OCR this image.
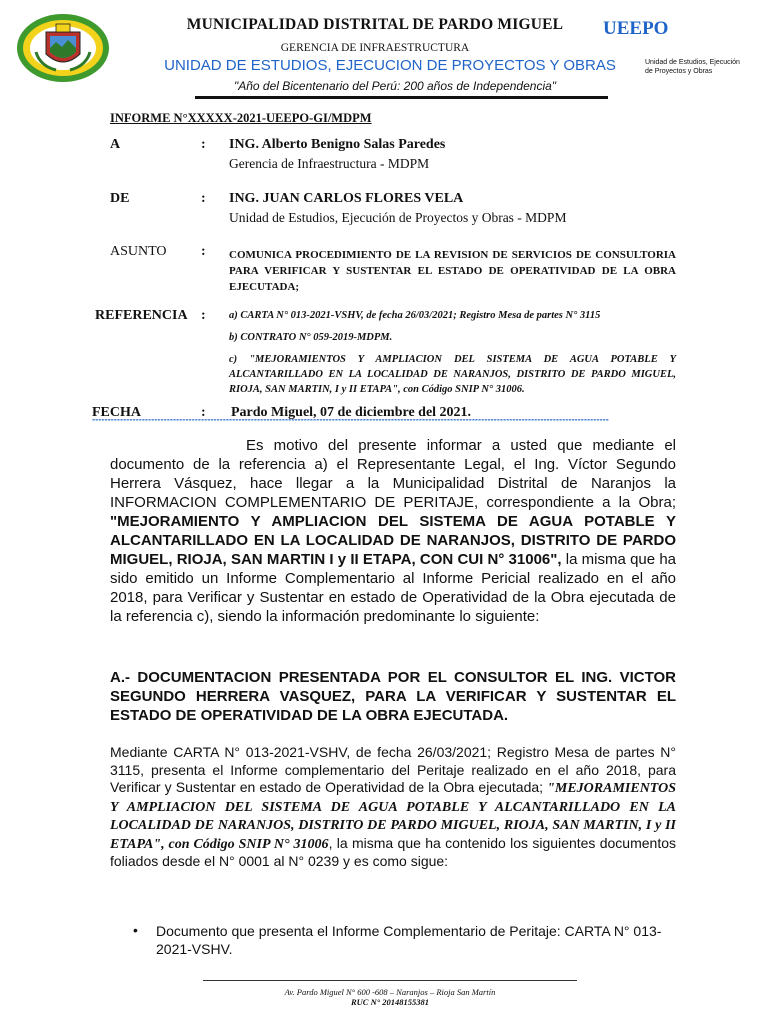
MUNICIPALIDAD DISTRITAL DE PARDO MIGUEL
GERENCIA DE INFRAESTRUCTURA
UNIDAD DE ESTUDIOS, EJECUCION DE PROYECTOS Y OBRAS
"Año del Bicentenario del Perú: 200 años de Independencia"
UEEPO
Unidad de Estudios, Ejecución de Proyectos y Obras
INFORME N°XXXXX-2021-UEEPO-GI/MDPM
A	: ING. Alberto Benigno Salas Paredes
Gerencia de Infraestructura - MDPM
DE	: ING. JUAN CARLOS FLORES VELA
Unidad de Estudios, Ejecución de Proyectos y Obras - MDPM
ASUNTO : COMUNICA PROCEDIMIENTO DE LA REVISION DE SERVICIOS DE CONSULTORIA PARA VERIFICAR Y SUSTENTAR EL ESTADO DE OPERATIVIDAD DE LA OBRA EJECUTADA;
REFERENCIA : a) CARTA N° 013-2021-VSHV, de fecha 26/03/2021; Registro Mesa de partes N° 3115
b) CONTRATO N° 059-2019-MDPM.
c) "MEJORAMIENTOS Y AMPLIACION DEL SISTEMA DE AGUA POTABLE Y ALCANTARILLADO EN LA LOCALIDAD DE NARANJOS, DISTRITO DE PARDO MIGUEL, RIOJA, SAN MARTIN, I y II ETAPA", con Código SNIP N° 31006.
FECHA	: Pardo Miguel, 07 de diciembre del 2021.
**********************************************************************************************************************************************************************
Es motivo del presente informar a usted que mediante el documento de la referencia a) el Representante Legal, el Ing. Víctor Segundo Herrera Vásquez, hace llegar a la Municipalidad Distrital de Naranjos la INFORMACION COMPLEMENTARIO DE PERITAJE, correspondiente a la Obra; "MEJORAMIENTO Y AMPLIACION DEL SISTEMA DE AGUA POTABLE Y ALCANTARILLADO EN LA LOCALIDAD DE NARANJOS, DISTRITO DE PARDO MIGUEL, RIOJA, SAN MARTIN I y II ETAPA, CON CUI N° 31006", la misma que ha sido emitido un Informe Complementario al Informe Pericial realizado en el año 2018, para Verificar y Sustentar en estado de Operatividad de la Obra ejecutada de la referencia c), siendo la información predominante lo siguiente:
A.- DOCUMENTACION PRESENTADA POR EL CONSULTOR EL ING. VICTOR SEGUNDO HERRERA VASQUEZ, PARA LA VERIFICAR Y SUSTENTAR EL ESTADO DE OPERATIVIDAD DE LA OBRA EJECUTADA.
Mediante CARTA N° 013-2021-VSHV, de fecha 26/03/2021; Registro Mesa de partes N° 3115, presenta el Informe complementario del Peritaje realizado en el año 2018, para Verificar y Sustentar en estado de Operatividad de la Obra ejecutada; "MEJORAMIENTOS Y AMPLIACION DEL SISTEMA DE AGUA POTABLE Y ALCANTARILLADO EN LA LOCALIDAD DE NARANJOS, DISTRITO DE PARDO MIGUEL, RIOJA, SAN MARTIN, I y II ETAPA", con Código SNIP N° 31006, la misma que ha contenido los siguientes documentos foliados desde el N° 0001 al N° 0239 y es como sigue:
• Documento que presenta el Informe Complementario de Peritaje: CARTA N° 013-2021-VSHV.
Av. Pardo Miguel N° 600 -608 – Naranjos – Rioja San Martín
RUC N° 20148155381
